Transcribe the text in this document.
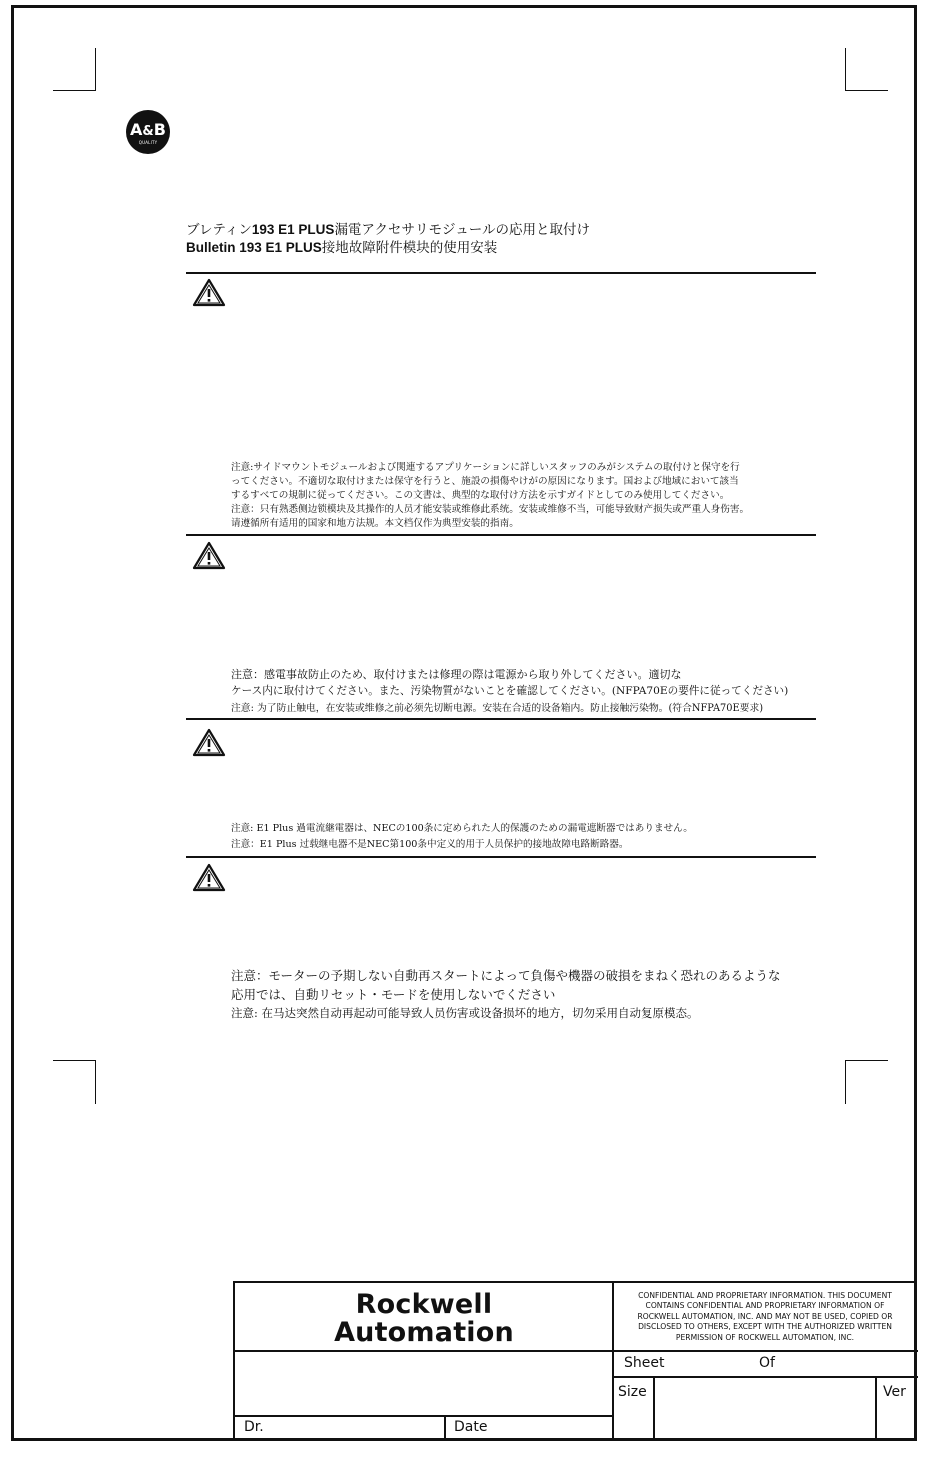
A&B
QUALITY
ブレティン193 E1 PLUS漏電アクセサリモジュールの応用と取付け
Bulletin 193 E1 PLUS接地故障附件模块的使用安装
注意:サイドマウントモジュールおよび関連するアプリケーションに詳しいスタッフのみがシステムの取付けと保守を行
ってください。不適切な取付けまたは保守を行うと、施設の損傷やけがの原因になります。国および地域において該当
するすべての規制に従ってください。この文書は、典型的な取付け方法を示すガイドとしてのみ使用してください。
注意：只有熟悉侧边锁模块及其操作的人员才能安装或维修此系统。安装或维修不当，可能导致财产损失或严重人身伤害。
请遵循所有适用的国家和地方法规。本文档仅作为典型安装的指南。
注意：感電事故防止のため、取付けまたは修理の際は電源から取り外してください。適切な
ケース内に取付けてください。また、汚染物質がないことを確認してください。(NFPA70Eの要件に従ってください)
注意: 为了防止触电，在安装或维修之前必须先切断电源。安装在合适的设备箱内。防止接触污染物。(符合NFPA70E要求)
注意: E1 Plus 過電流継電器は、NECの100条に定められた人的保護のための漏電遮断器ではありません。
注意：E1 Plus 过载继电器不是NEC第100条中定义的用于人员保护的接地故障电路断路器。
注意：モーターの予期しない自動再スタートによって負傷や機器の破損をまねく恐れのあるような
応用では、自動リセット・モードを使用しないでください
注意: 在马达突然自动再起动可能导致人员伤害或设备损坏的地方，切勿采用自动复原模态。
Rockwell
Automation
CONFIDENTIAL AND PROPRIETARY INFORMATION. THIS DOCUMENT
CONTAINS CONFIDENTIAL AND PROPRIETARY INFORMATION OF
ROCKWELL AUTOMATION, INC. AND MAY NOT BE USED, COPIED OR
DISCLOSED TO OTHERS, EXCEPT WITH THE AUTHORIZED WRITTEN
PERMISSION OF ROCKWELL AUTOMATION, INC.
Sheet	Of
Size	Ver
Dr.	Date
